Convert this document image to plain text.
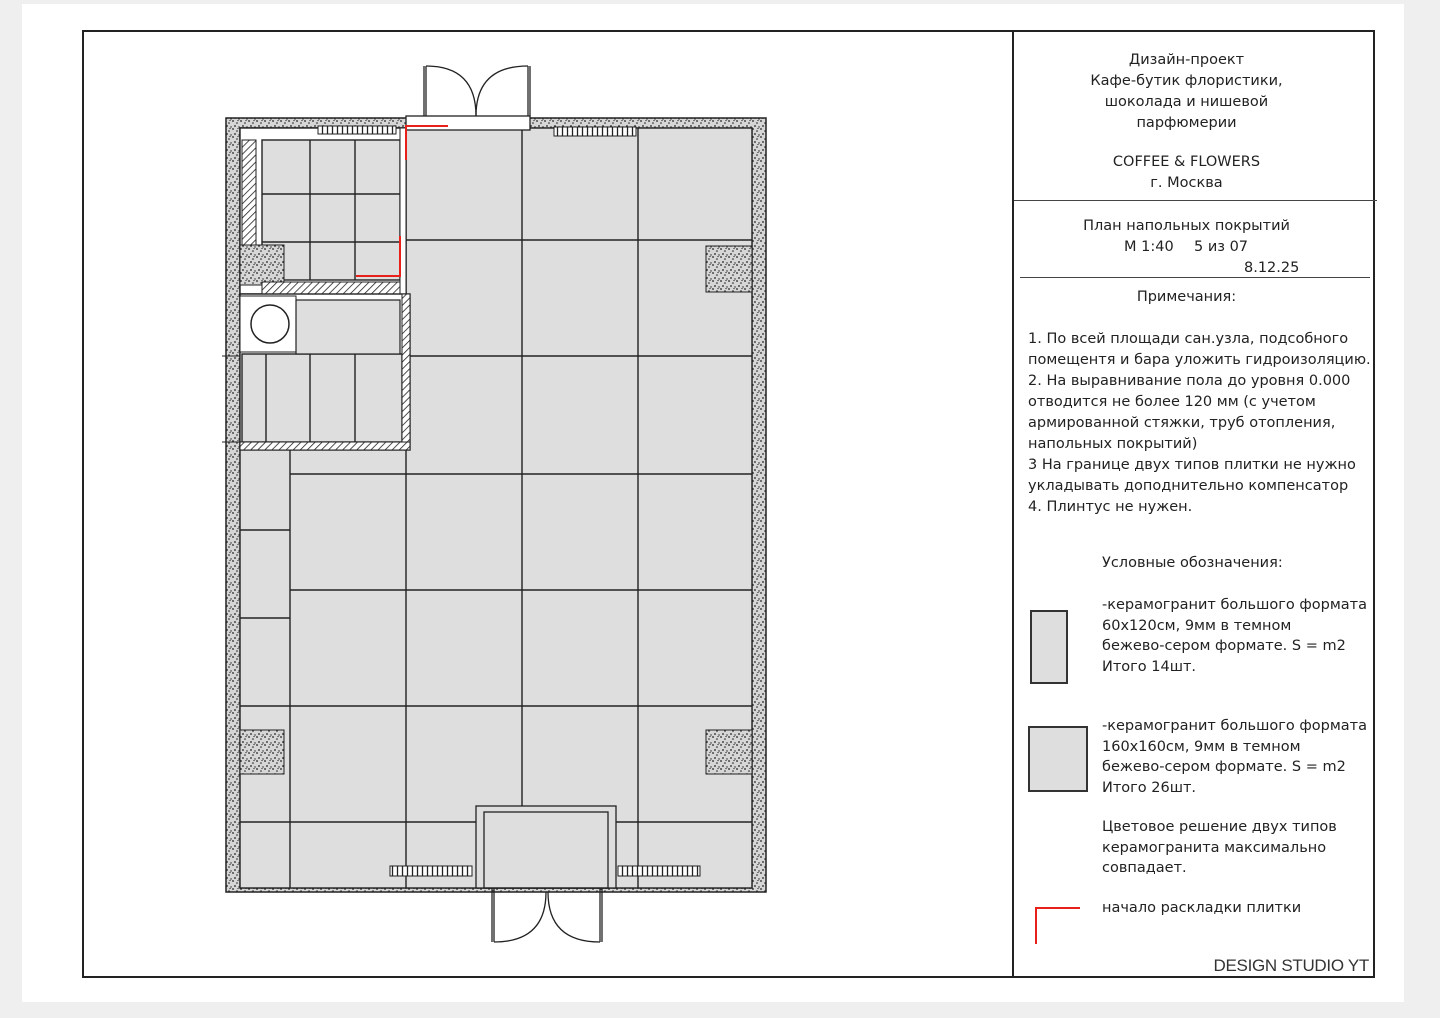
Дизайн-проект
Кафе-бутик флористики,
шоколада и нишевой
парфюмерии
COFFEE & FLOWERS
г. Москва
План напольных покрытий
М 1:40 5 из 07
8.12.25
Примечания:
1. По всей площади сан.узла, подсобного
помещентя и бара уложить гидроизоляцию.
2. На выравнивание пола до уровня 0.000
отводится не более 120 мм (с учетом
армированной стяжки, труб отопления,
напольных покрытий)
3 На границе двух типов плитки не нужно
укладывать доподнительно компенсатор
4. Плинтус не нужен.
Условные обозначения:
-керамогранит большого формата
60x120см, 9мм в темном
бежево-сером формате. S = m2
Итого 14шт.
-керамогранит большого формата
160x160см, 9мм в темном
бежево-сером формате. S = m2
Итого 26шт.
Цветовое решение двух типов
керамогранита максимально
совпадает.
начало раскладки плитки
DESIGN STUDIO YT
